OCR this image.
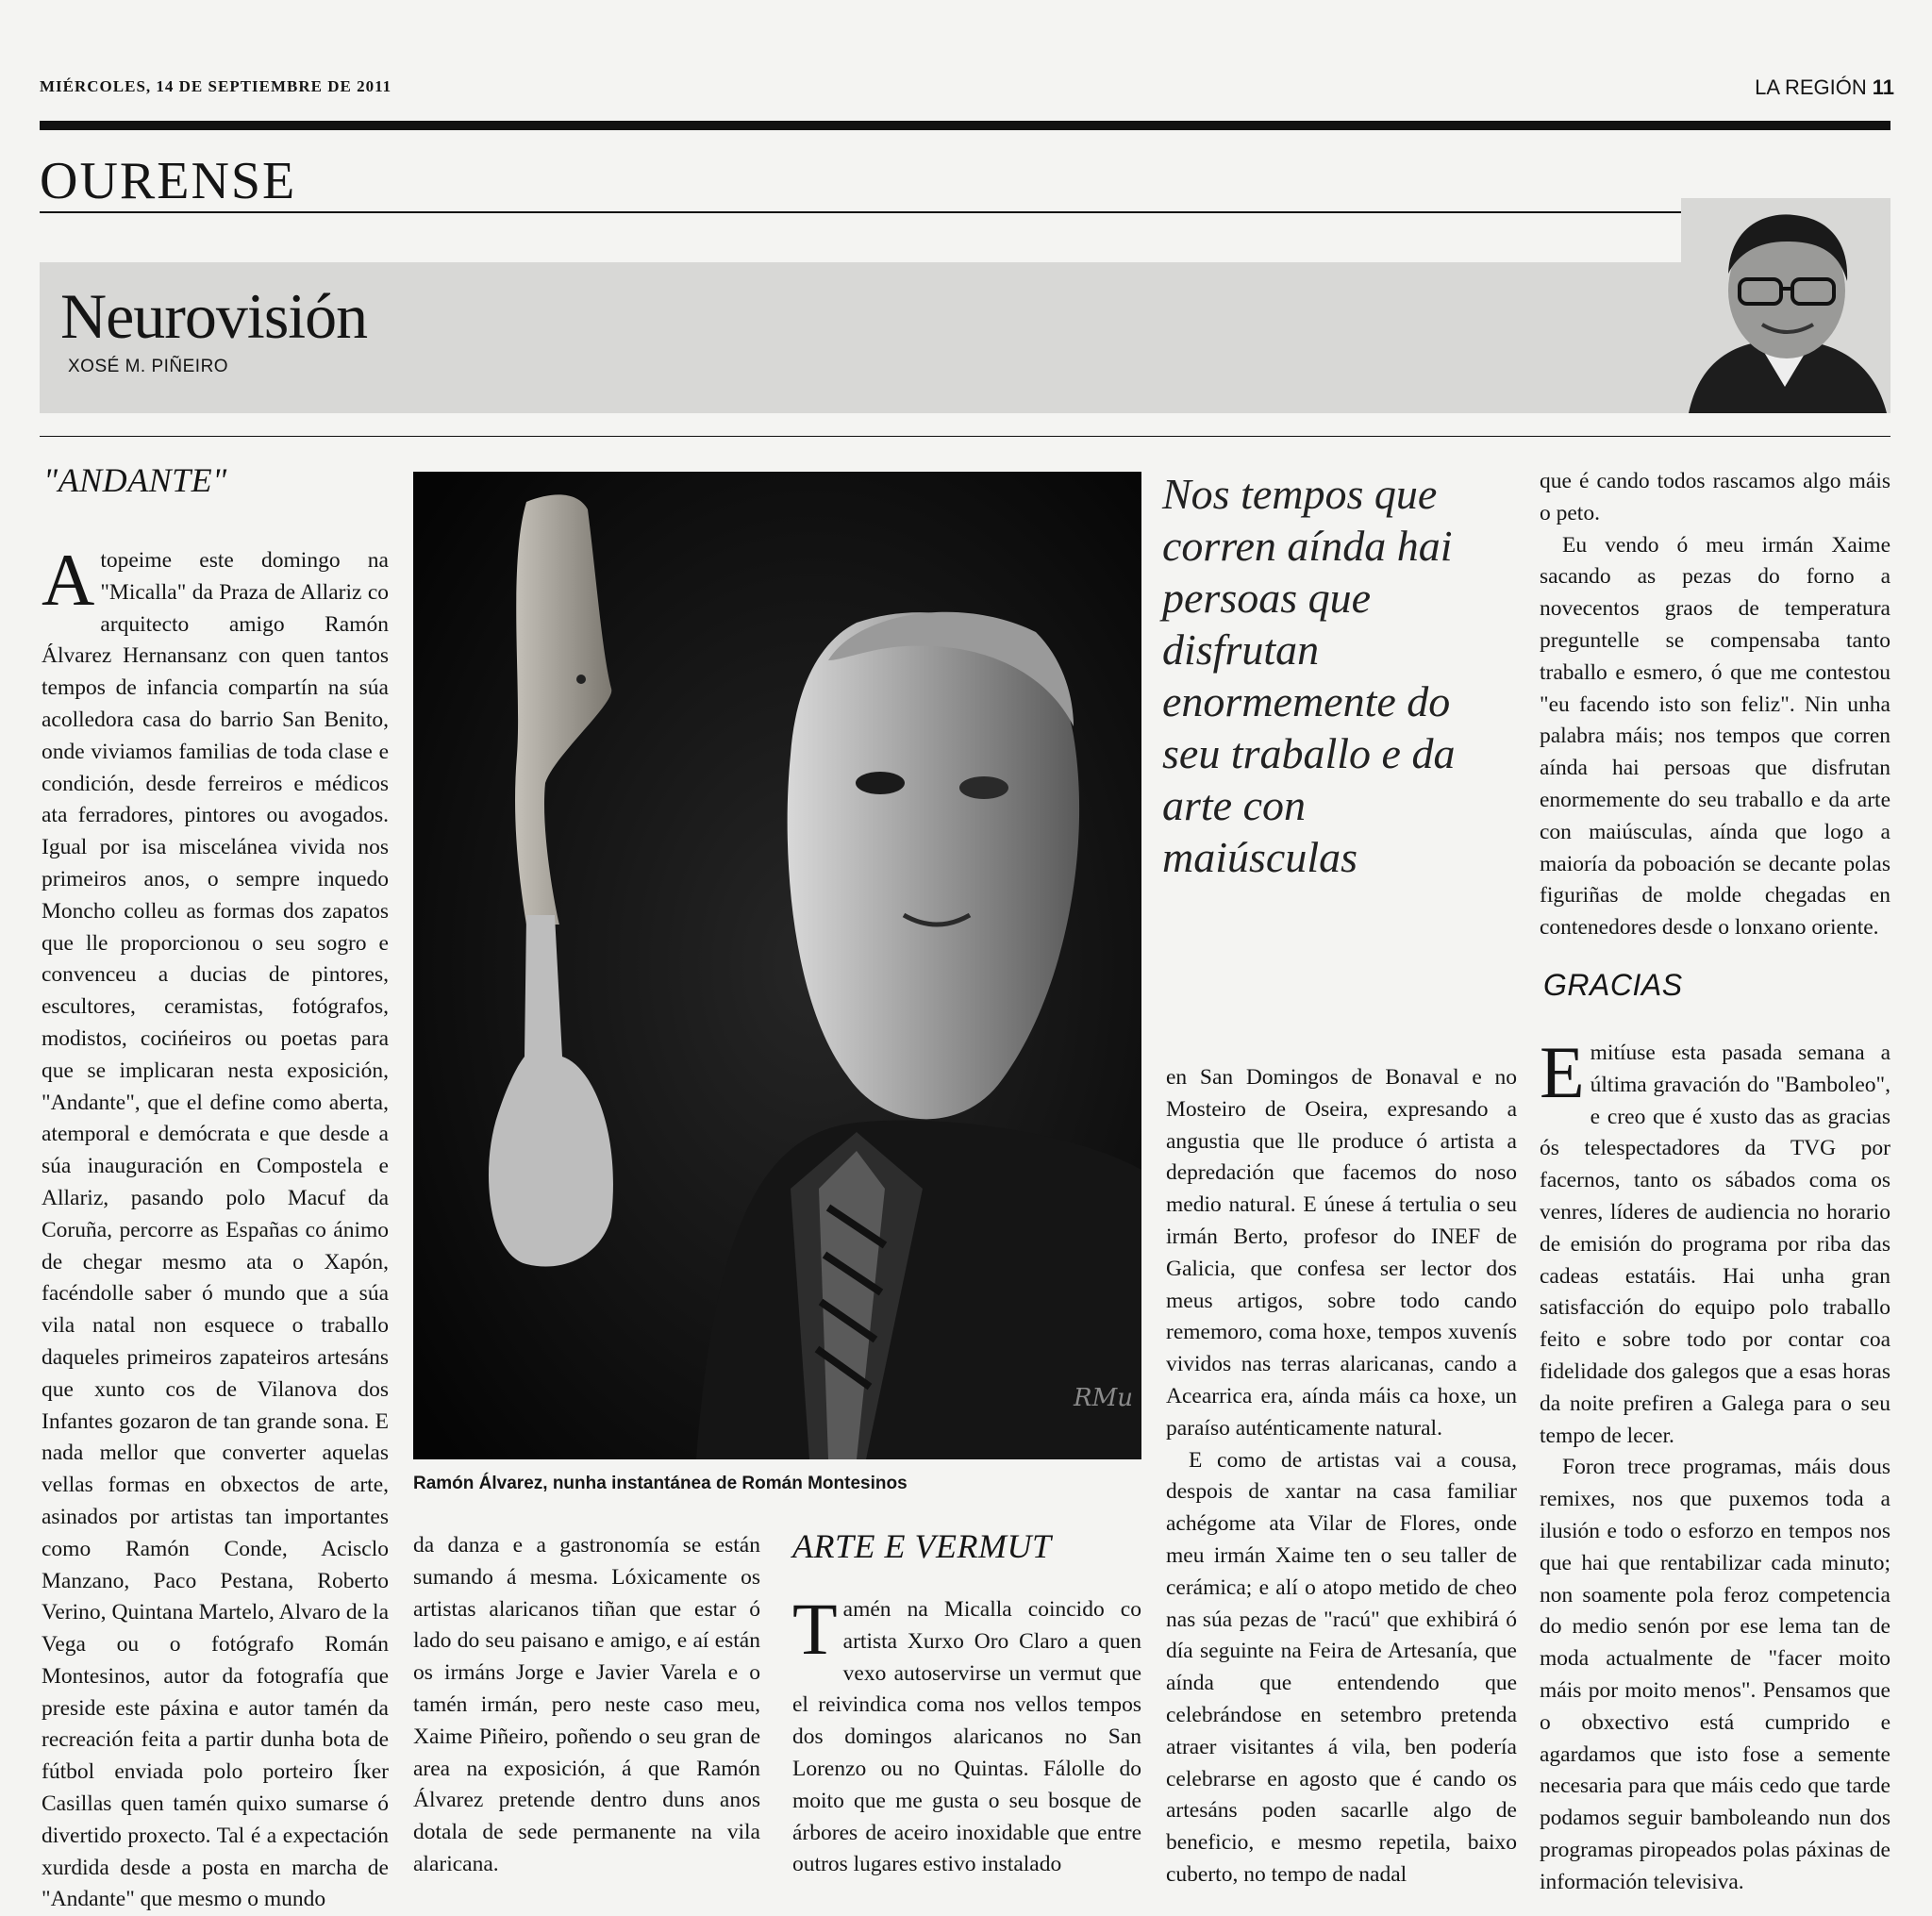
MIÉRCOLES, 14 DE SEPTIEMBRE DE 2011	LA REGIÓN 11
OURENSE
Neurovisión
XOSÉ M. PIÑEIRO
"ANDANTE"

Atopeime este domingo na "Micalla" da Praza de Allariz co arquitecto amigo Ramón Álvarez Hernansanz con quen tantos tempos de infancia compartín na súa acolledora casa do barrio San Benito, onde viviamos familias de toda clase e condición, desde ferreiros e médicos ata ferradores, pintores ou avogados. Igual por isa miscelánea vivida nos primeiros anos, o sempre inquedo Moncho colleu as formas dos zapatos que lle proporcionou o seu sogro e convenceu a ducias de pintores, escultores, ceramistas, fotógrafos, modistos, cocińeiros ou poetas para que se implicaran nesta exposición, "Andante", que el define como aberta, atemporal e demócrata e que desde a súa inauguración en Compostela e Allariz, pasando polo Macuf da Coruña, percorre as Españas co ánimo de chegar mesmo ata o Xapón, facéndolle saber ó mundo que a súa vila natal non esquece o traballo daqueles primeiros zapateiros artesáns que xunto cos de Vilanova dos Infantes gozaron de tan grande sona. E nada mellor que converter aquelas vellas formas en obxectos de arte, asinados por artistas tan importantes como Ramón Conde, Acisclo Manzano, Paco Pestana, Roberto Verino, Quintana Martelo, Alvaro de la Vega ou o fotógrafo Román Montesinos, autor da fotografía que preside este páxina e autor tamén da recreación feita a partir dunha bota de fútbol enviada polo porteiro Íker Casillas quen tamén quixo sumarse ó divertido proxecto. Tal é a expectación xurdida desde a posta en marcha de "Andante" que mesmo o mundo

RMu
Ramón Álvarez, nunha instantánea de Román Montesinos

da danza e a gastronomía se están sumando á mesma. Lóxicamente os artistas alaricanos tiñan que estar ó lado do seu paisano e amigo, e aí están os irmáns Jorge e Javier Varela e o tamén irmán, pero neste caso meu, Xaime Piñeiro, poñendo o seu gran de area na exposición, á que Ramón Álvarez pretende dentro duns anos dotala de sede permanente na vila alaricana.

ARTE E VERMUT

Tamén na Micalla coincido co artista Xurxo Oro Claro a quen vexo autoservirse un vermut que el reivindica coma nos vellos tempos dos domingos alaricanos no San Lorenzo ou no Quintas. Fálolle do moito que me gusta o seu bosque de árbores de aceiro inoxidable que entre outros lugares estivo instalado

Nos tempos que corren aínda hai persoas que disfrutan enormemente do seu traballo e da arte con maiúsculas

en San Domingos de Bonaval e no Mosteiro de Oseira, expresando a angustia que lle produce ó artista a depredación que facemos do noso medio natural. E únese á tertulia o seu irmán Berto, profesor do INEF de Galicia, que confesa ser lector dos meus artigos, sobre todo cando rememoro, coma hoxe, tempos xuvenís vividos nas terras alaricanas, cando a Acearrica era, aínda máis ca hoxe, un paraíso auténticamente natural.

E como de artistas vai a cousa, despois de xantar na casa familiar achégome ata Vilar de Flores, onde meu irmán Xaime ten o seu taller de cerámica; e alí o atopo metido de cheo nas súa pezas de "racú" que exhibirá ó día seguinte na Feira de Artesanía, que aínda que entendendo que celebrándose en setembro pretenda atraer visitantes á vila, ben podería celebrarse en agosto que é cando os artesáns poden sacarlle algo de beneficio, e mesmo repetila, baixo cuberto, no tempo de nadal

que é cando todos rascamos algo máis o peto.

Eu vendo ó meu irmán Xaime sacando as pezas do forno a novecentos graos de temperatura preguntelle se compensaba tanto traballo e esmero, ó que me contestou "eu facendo isto son feliz". Nin unha palabra máis; nos tempos que corren aínda hai persoas que disfrutan enormemente do seu traballo e da arte con maiúsculas, aínda que logo a maioría da poboación se decante polas figuriñas de molde chegadas en contenedores desde o lonxano oriente.

GRACIAS

Emitíuse esta pasada semana a última gravación do "Bamboleo", e creo que é xusto das as gracias ós telespectadores da TVG por facernos, tanto os sábados coma os venres, líderes de audiencia no horario de emisión do programa por riba das cadeas estatáis. Hai unha gran satisfacción do equipo polo traballo feito e sobre todo por contar coa fidelidade dos galegos que a esas horas da noite prefiren a Galega para o seu tempo de lecer.

Foron trece programas, máis dous remixes, nos que puxemos toda a ilusión e todo o esforzo en tempos nos que hai que rentabilizar cada minuto; non soamente pola feroz competencia do medio senón por ese lema tan de moda actualmente de "facer moito máis por moito menos". Pensamos que o obxectivo está cumprido e agardamos que isto fose a semente necesaria para que máis cedo que tarde podamos seguir bamboleando nun dos programas piropeados polas páxinas de información televisiva.
